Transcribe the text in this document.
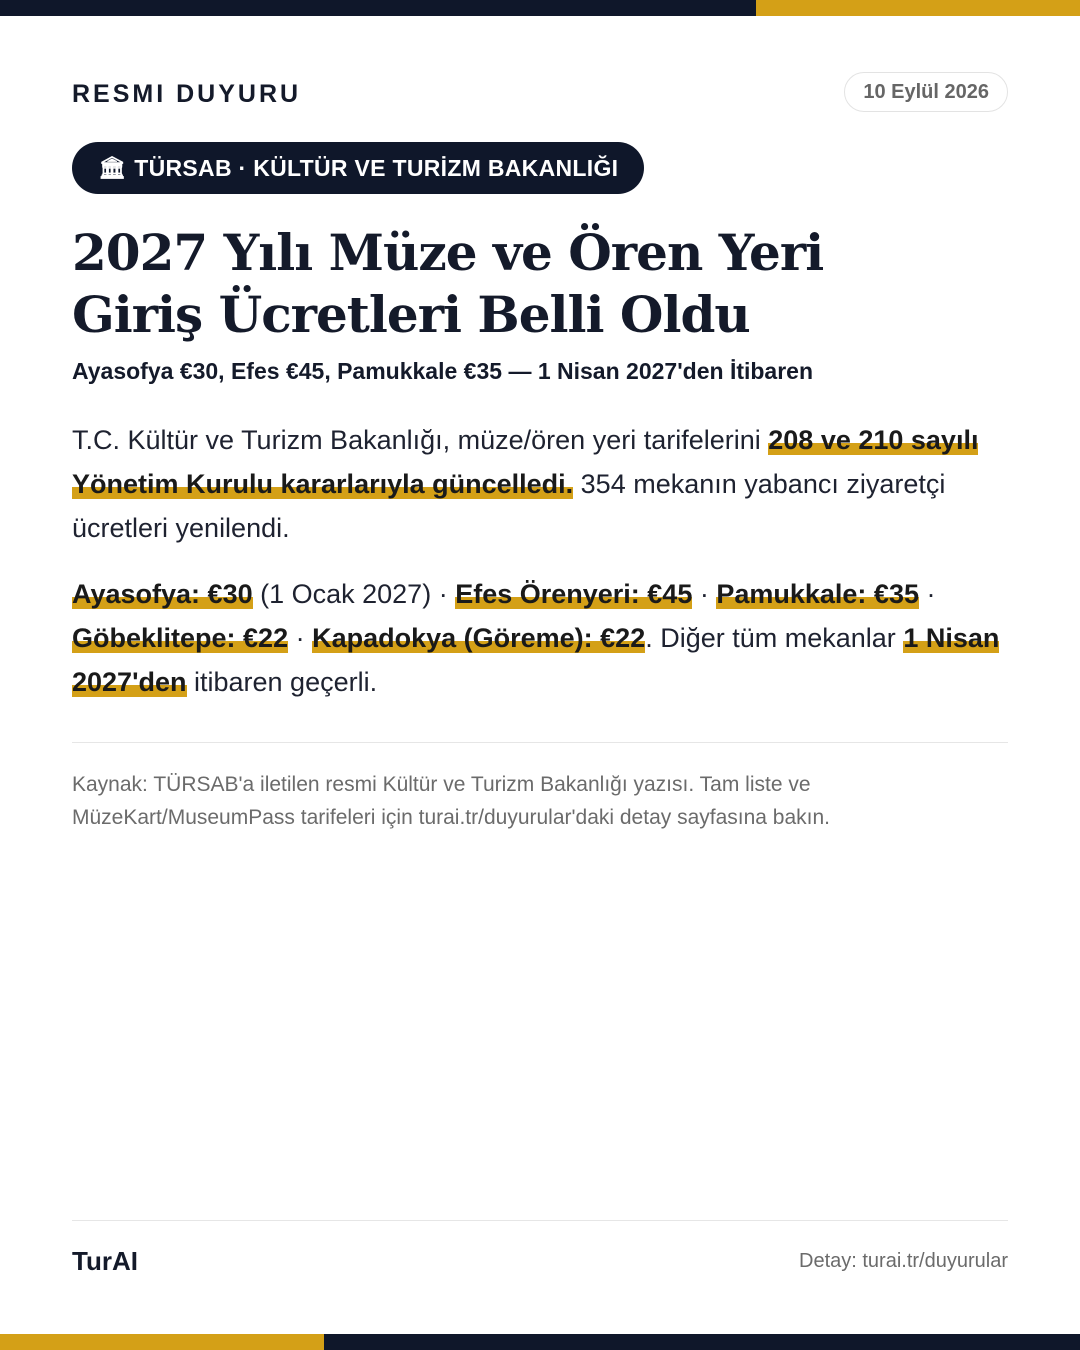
RESMI DUYURU	10 Eylül 2026
🏛 TÜRSAB · KÜLTÜR VE TURİZM BAKANLIĞI
2027 Yılı Müze ve Ören Yeri
Giriş Ücretleri Belli Oldu
Ayasofya €30, Efes €45, Pamukkale €35 — 1 Nisan 2027'den İtibaren

T.C. Kültür ve Turizm Bakanlığı, müze/ören yeri tarifelerini 208 ve 210 sayılı Yönetim Kurulu kararlarıyla güncelledi. 354 mekanın yabancı ziyaretçi ücretleri yenilendi.

Ayasofya: €30 (1 Ocak 2027) · Efes Örenyeri: €45 · Pamukkale: €35 · Göbeklitepe: €22 · Kapadokya (Göreme): €22. Diğer tüm mekanlar 1 Nisan 2027'den itibaren geçerli.

Kaynak: TÜRSAB'a iletilen resmi Kültür ve Turizm Bakanlığı yazısı. Tam liste ve MüzeKart/MuseumPass tarifeleri için turai.tr/duyurular'daki detay sayfasına bakın.
TurAI	Detay: turai.tr/duyurular
